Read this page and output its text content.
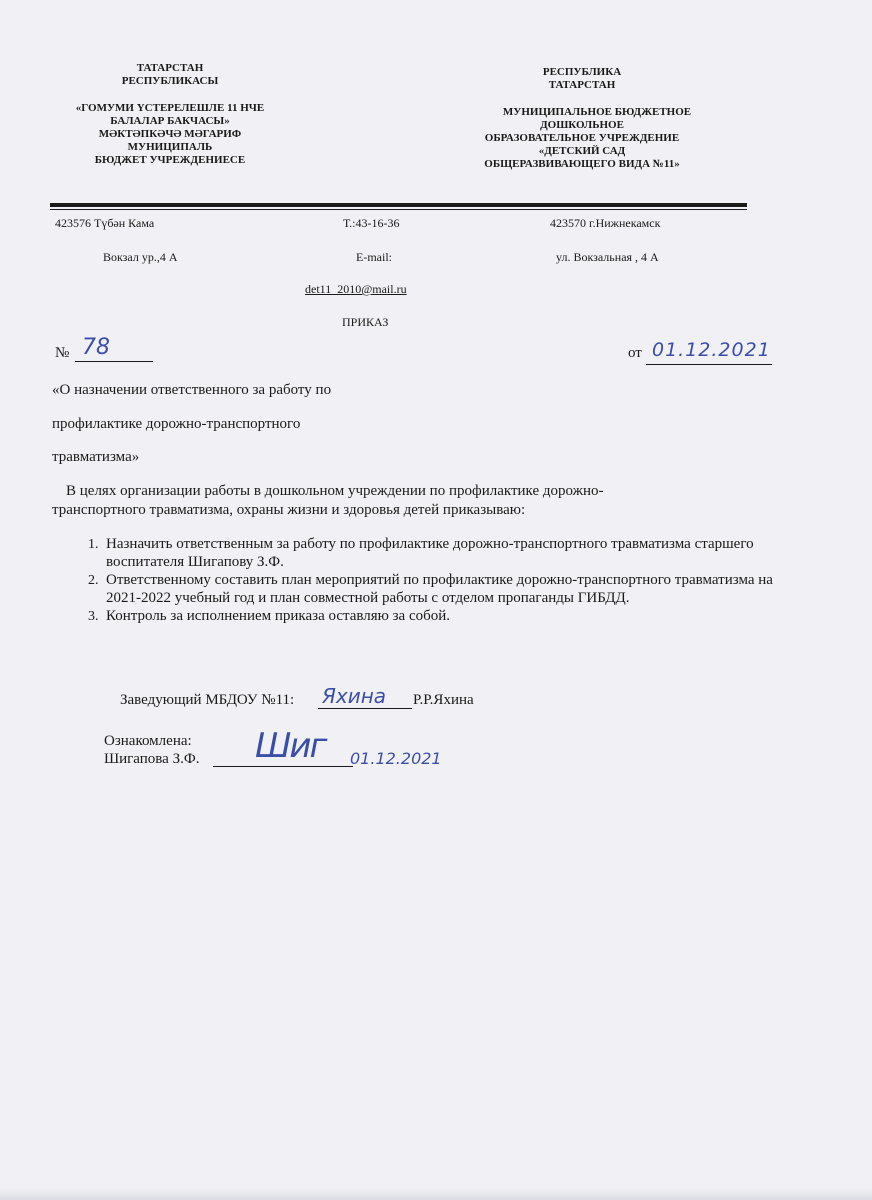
ТАТАРСТАН
РЕСПУБЛИКАСЫ
«ГОМУМИ ҮСТЕРЕЛЕШЛЕ 11 НЧЕ
БАЛАЛАР БАКЧАСЫ»
МӘКТӘПКӘЧӘ МӘГАРИФ
МУНИЦИПАЛЬ
БЮДЖЕТ УЧРЕЖДЕНИЕСЕ
РЕСПУБЛИКА
ТАТАРСТАН
МУНИЦИПАЛЬНОЕ БЮДЖЕТНОЕ
ДОШКОЛЬНОЕ
ОБРАЗОВАТЕЛЬНОЕ УЧРЕЖДЕНИЕ
«ДЕТСКИЙ САД
ОБЩЕРАЗВИВАЮЩЕГО ВИДА №11»
423576 Түбән Кама
Вокзал ур.,4 А
Т.:43-16-36
E-mail:
det11_2010@mail.ru
423570 г.Нижнекамск
ул. Вокзальная , 4 А
ПРИКАЗ
№ 78	от 01.12.2021
«О назначении ответственного за работу по
профилактике дорожно-транспортного
травматизма»
В целях организации работы в дошкольном учреждении по профилактике дорожно-
транспортного травматизма, охраны жизни и здоровья детей приказываю:
1. Назначить ответственным за работу по профилактике дорожно-транспортного травматизма старшего воспитателя Шигапову З.Ф.
2. Ответственному составить план мероприятий по профилактике дорожно-транспортного травматизма на 2021-2022 учебный год и план совместной работы с отделом пропаганды ГИБДД.
3. Контроль за исполнением приказа оставляю за собой.
Заведующий МБДОУ №11: Яхина Р.Р.Яхина
Ознакомлена:
Шигапова З.Ф. Шиг 01.12.2021
